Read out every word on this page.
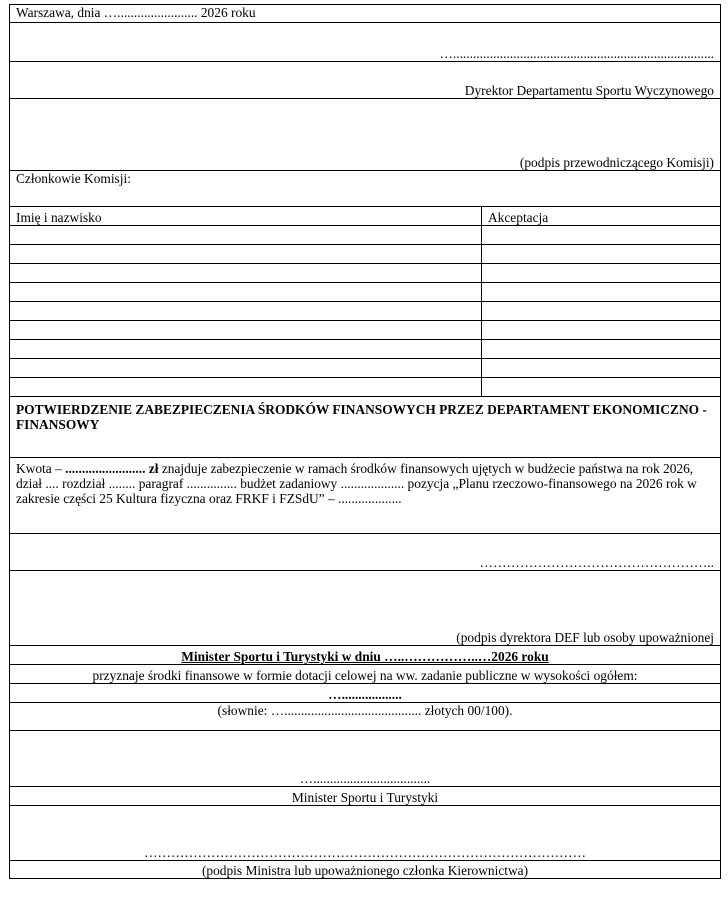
Warszawa, dnia …........................ 2026 roku	
…..............................................................................	
Dyrektor Departamentu Sportu Wyczynowego	
(podpis przewodniczącego Komisji)	
Członkowie Komisji:	
Imię i nazwisko	Akceptacja

POTWIERDZENIE ZABEZPIECZENIA ŚRODKÓW FINANSOWYCH PRZEZ DEPARTAMENT EKONOMICZNO - FINANSOWY	
Kwota – ........................ zł znajduje zabezpieczenie w ramach środków finansowych ujętych w budżecie państwa na rok 2026, dział .... rozdział ........ paragraf ............... budżet zadaniowy ................... pozycja „Planu rzeczowo-finansowego na 2026 rok w zakresie części 25 Kultura fizyczna oraz FRKF i FZSdU” – ...................	
……………………………………………..	
(podpis dyrektora DEF lub osoby upoważnionej	
Minister Sportu i Turystyki w dniu …..……………..…2026 roku	
przyznaje środki finansowe w formie dotacji celowej na ww. zadanie publiczne w wysokości ogółem:	
…..................	
(słownie: …......................................... złotych 00/100).	
…...................................	
Minister Sportu i Turystyki	
………………………………………………………………………………………	
(podpis Ministra lub upoważnionego członka Kierownictwa)	
